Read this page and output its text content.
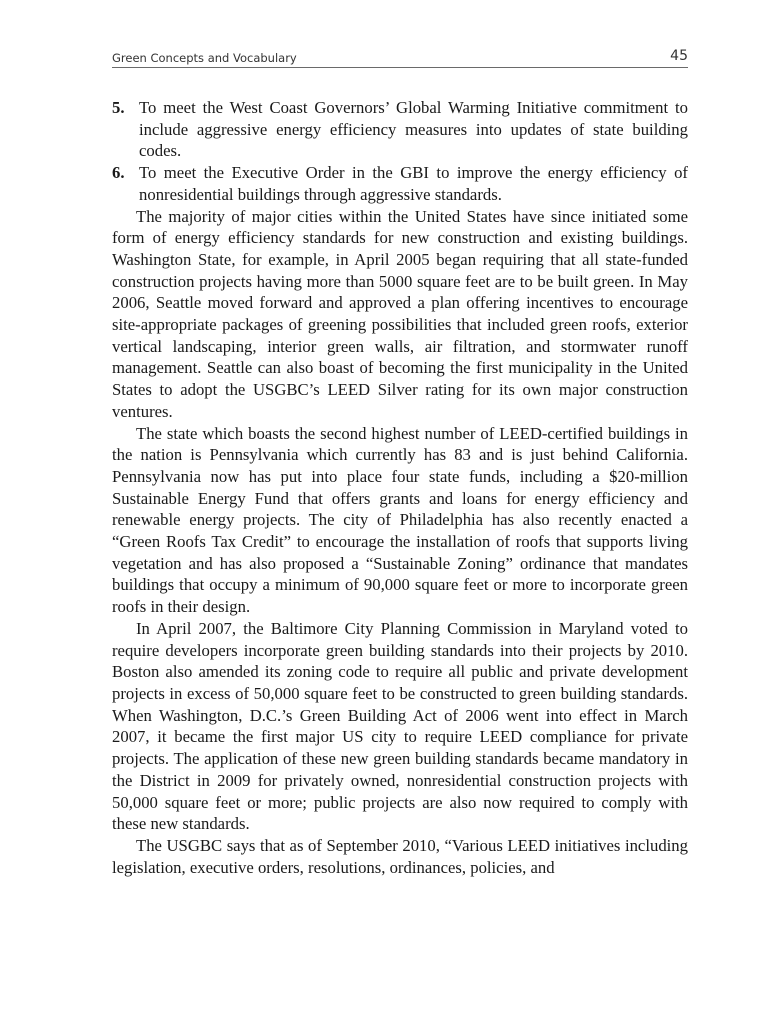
Green Concepts and Vocabulary	45
5. To meet the West Coast Governors’ Global Warming Initiative commitment to include aggressive energy efficiency measures into updates of state building codes.
6. To meet the Executive Order in the GBI to improve the energy efficiency of nonresidential buildings through aggressive standards.

The majority of major cities within the United States have since initiated some form of energy efficiency standards for new construction and existing buildings. Washington State, for example, in April 2005 began requiring that all state-funded construction projects having more than 5000 square feet are to be built green. In May 2006, Seattle moved forward and approved a plan offering incentives to encourage site-appropriate packages of greening possibilities that included green roofs, exterior vertical landscaping, interior green walls, air filtration, and stormwater runoff management. Seattle can also boast of becoming the first municipality in the United States to adopt the USGBC’s LEED Silver rating for its own major construction ventures.

The state which boasts the second highest number of LEED-certified buildings in the nation is Pennsylvania which currently has 83 and is just behind California. Pennsylvania now has put into place four state funds, including a $20-million Sustainable Energy Fund that offers grants and loans for energy efficiency and renewable energy projects. The city of Philadelphia has also recently enacted a “Green Roofs Tax Credit” to encourage the installation of roofs that supports living vegetation and has also proposed a “Sustainable Zoning” ordinance that mandates buildings that occupy a minimum of 90,000 square feet or more to incorporate green roofs in their design.

In April 2007, the Baltimore City Planning Commission in Maryland voted to require developers incorporate green building standards into their projects by 2010. Boston also amended its zoning code to require all public and private development projects in excess of 50,000 square feet to be constructed to green building standards. When Washington, D.C.’s Green Building Act of 2006 went into effect in March 2007, it became the first major US city to require LEED compliance for private projects. The application of these new green building standards became mandatory in the District in 2009 for privately owned, nonresidential construction projects with 50,000 square feet or more; public projects are also now required to comply with these new standards.

The USGBC says that as of September 2010, “Various LEED initiatives including legislation, executive orders, resolutions, ordinances, policies, and
